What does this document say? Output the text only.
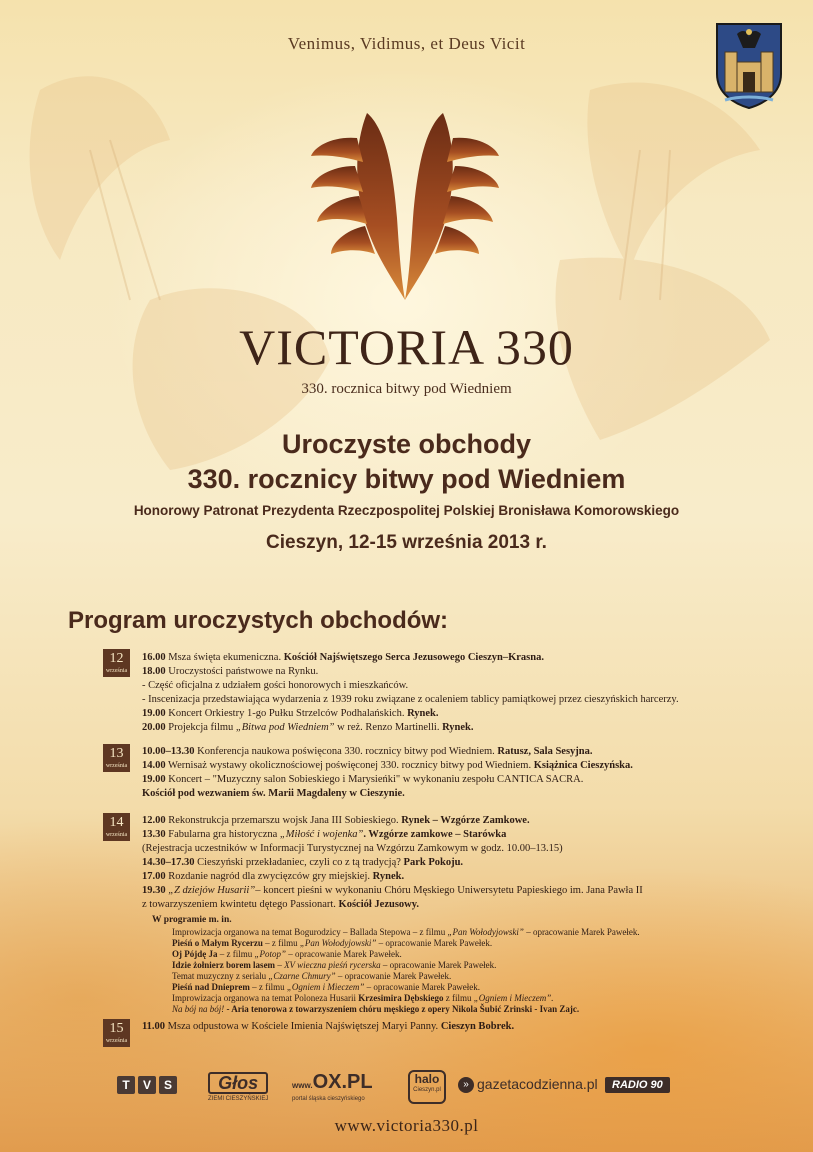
Venimus, Vidimus, et Deus Vicit
VICTORIA 330
330. rocznica bitwy pod Wiedniem
Uroczyste obchody
330. rocznicy bitwy pod Wiedniem
Honorowy Patronat Prezydenta Rzeczpospolitej Polskiej Bronisława Komorowskiego
Cieszyn, 12-15 września 2013 r.
Program uroczystych obchodów:
12
września
16.00 Msza święta ekumeniczna. Kościół Najświętszego Serca Jezusowego Cieszyn–Krasna.
18.00 Uroczystości państwowe na Rynku.
- Część oficjalna z udziałem gości honorowych i mieszkańców.
- Inscenizacja przedstawiająca wydarzenia z 1939 roku związane z ocaleniem tablicy pamiątkowej przez cieszyńskich harcerzy.
19.00 Koncert Orkiestry 1-go Pułku Strzelców Podhalańskich. Rynek.
20.00 Projekcja filmu „Bitwa pod Wiedniem” w reż. Renzo Martinelli. Rynek.
13
września
10.00–13.30 Konferencja naukowa poświęcona 330. rocznicy bitwy pod Wiedniem. Ratusz, Sala Sesyjna.
14.00 Wernisaż wystawy okolicznościowej poświęconej 330. rocznicy bitwy pod Wiedniem. Książnica Cieszyńska.
19.00 Koncert – "Muzyczny salon Sobieskiego i Marysieńki" w wykonaniu zespołu CANTICA SACRA.
Kościół pod wezwaniem św. Marii Magdaleny w Cieszynie.
14
września
12.00 Rekonstrukcja przemarszu wojsk Jana III Sobieskiego. Rynek – Wzgórze Zamkowe.
13.30 Fabularna gra historyczna „Miłość i wojenka”. Wzgórze zamkowe – Starówka
(Rejestracja uczestników w Informacji Turystycznej na Wzgórzu Zamkowym w godz. 10.00–13.15)
14.30–17.30 Cieszyński przekładaniec, czyli co z tą tradycją? Park Pokoju.
17.00 Rozdanie nagród dla zwycięzców gry miejskiej. Rynek.
19.30 „Z dziejów Husarii”– koncert pieśni w wykonaniu Chóru Męskiego Uniwersytetu Papieskiego im. Jana Pawła II
z towarzyszeniem kwintetu dętego Passionart. Kościół Jezusowy.
W programie m. in.
Improwizacja organowa na temat Bogurodzicy – Ballada Stepowa – z filmu „Pan Wołodyjowski” – opracowanie Marek Pawełek.
Pieśń o Małym Rycerzu – z filmu „Pan Wołodyjowski” – opracowanie Marek Pawełek.
Oj Pójdę Ja – z filmu „Potop” – opracowanie Marek Pawełek.
Idzie żołnierz borem lasem – XV wieczna pieśń rycerska – opracowanie Marek Pawełek.
Temat muzyczny z serialu „Czarne Chmury” – opracowanie Marek Pawełek.
Pieśń nad Dnieprem – z filmu „Ogniem i Mieczem” – opracowanie Marek Pawełek.
Improwizacja organowa na temat Poloneza Husarii Krzesimira Dębskiego z filmu „Ogniem i Mieczem”.
Na bój na bój! - Aria tenorowa z towarzyszeniem chóru męskiego z opery Nikola Šubić Zrinski - Ivan Zajc.
15
września
11.00 Msza odpustowa w Kościele Imienia Najświętszej Maryi Panny. Cieszyn Bobrek.
T V S	Głos
ZIEMI CIESZYŃSKIEJ
www.OX.PL
portal śląska cieszyńskiego
halo
Cieszyn.pl	» gazetacodzienna.pl	RADIO 90
www.victoria330.pl
